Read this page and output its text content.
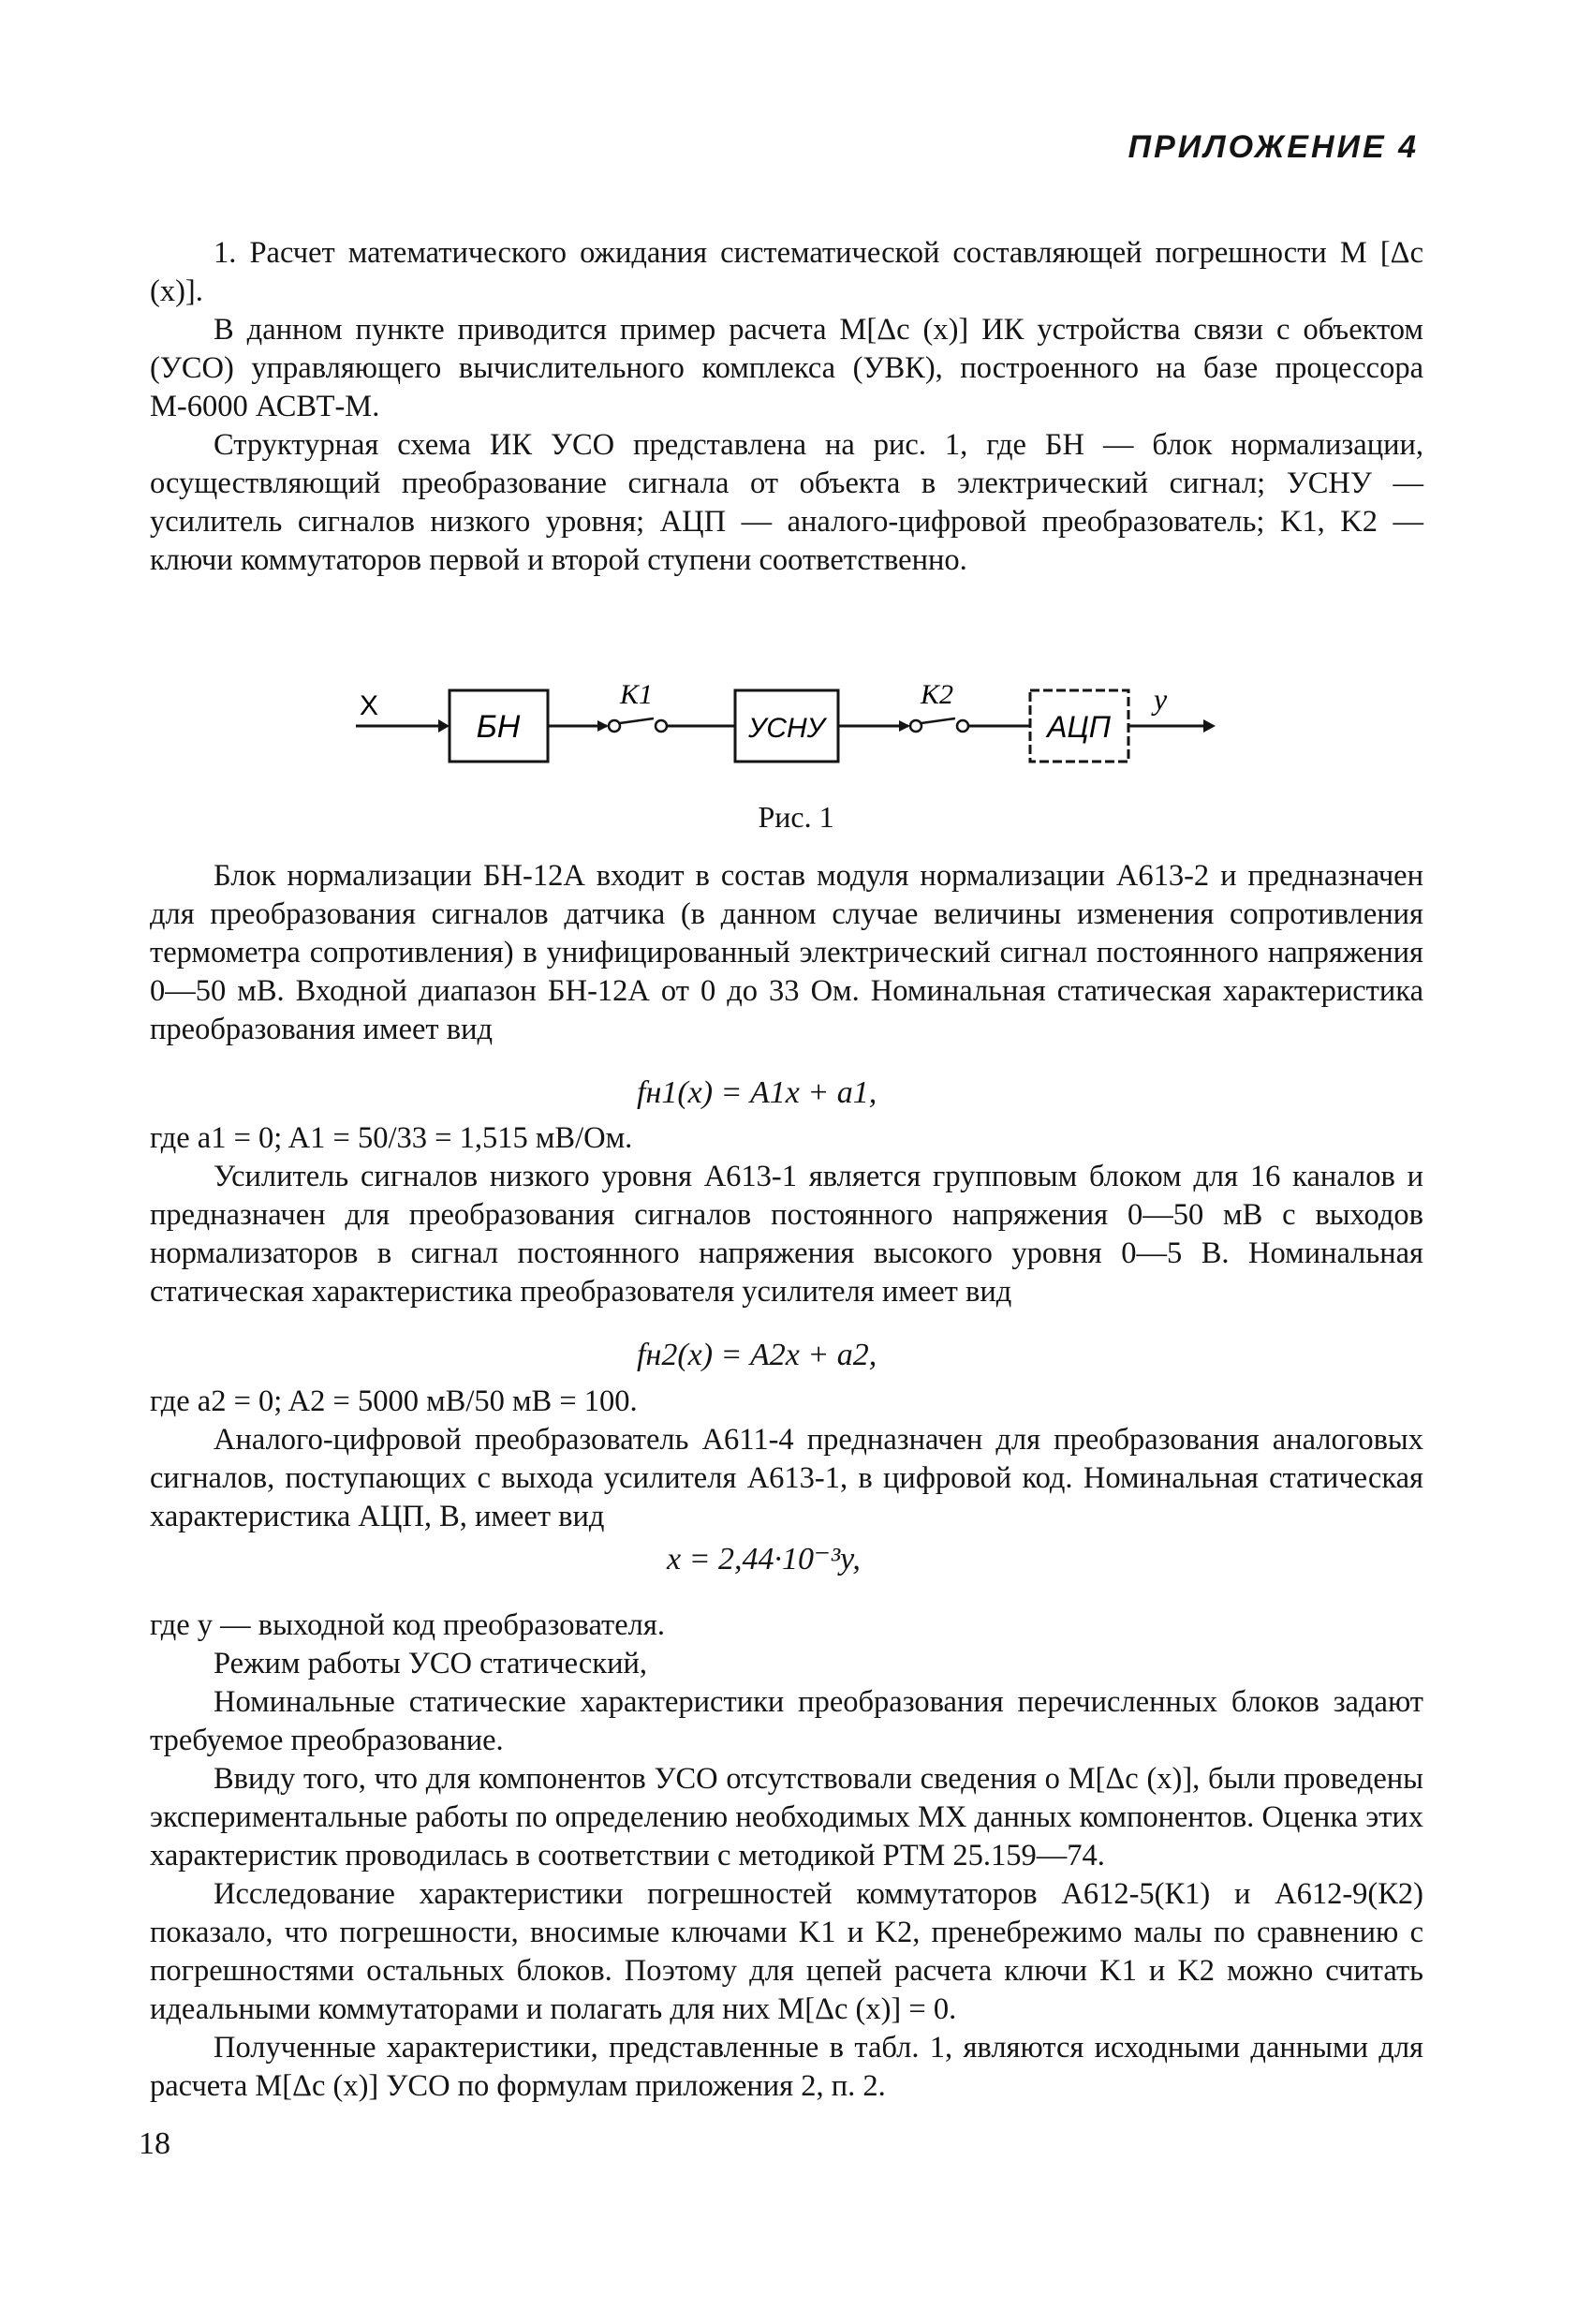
ПРИЛОЖЕНИЕ 4

1. Расчет математического ожидания систематической составляющей погрешности M [Δc (x)].

В данном пункте приводится пример расчета M[Δc (x)] ИК устройства связи с объектом (УСО) управляющего вычислительного комплекса (УВК), построенного на базе процессора М-6000 АСВТ-М.

Структурная схема ИК УСО представлена на рис. 1, где БН — блок нормализации, осуществляющий преобразование сигнала от объекта в электрический сигнал; УСНУ — усилитель сигналов низкого уровня; АЦП — аналого-цифровой преобразователь; K1, K2 — ключи коммутаторов первой и второй ступени соответственно.

X
БН
K1
УСНУ
K2
АЦП
y
Рис. 1

Блок нормализации БН-12А входит в состав модуля нормализации А613-2 и предназначен для преобразования сигналов датчика (в данном случае величины изменения сопротивления термометра сопротивления) в унифицированный электрический сигнал постоянного напряжения 0—50 мВ. Входной диапазон БН-12А от 0 до 33 Ом. Номинальная статическая характеристика преобразования имеет вид

fн1(x) = A1x + a1,

где a1 = 0; A1 = 50/33 = 1,515 мВ/Ом.

Усилитель сигналов низкого уровня А613-1 является групповым блоком для 16 каналов и предназначен для преобразования сигналов постоянного напряжения 0—50 мВ с выходов нормализаторов в сигнал постоянного напряжения высокого уровня 0—5 В. Номинальная статическая характеристика преобразователя усилителя имеет вид

fн2(x) = A2x + a2,

где a2 = 0; A2 = 5000 мВ/50 мВ = 100.

Аналого-цифровой преобразователь А611-4 предназначен для преобразования аналоговых сигналов, поступающих с выхода усилителя А613-1, в цифровой код. Номинальная статическая характеристика АЦП, В, имеет вид

x = 2,44·10⁻³y,

где y — выходной код преобразователя.

Режим работы УСО статический,

Номинальные статические характеристики преобразования перечисленных блоков задают требуемое преобразование.

Ввиду того, что для компонентов УСО отсутствовали сведения о M[Δc (x)], были проведены экспериментальные работы по определению необходимых МХ данных компонентов. Оценка этих характеристик проводилась в соответствии с методикой РТМ 25.159—74.

Исследование характеристики погрешностей коммутаторов А612-5(К1) и А612-9(К2) показало, что погрешности, вносимые ключами K1 и K2, пренебрежимо малы по сравнению с погрешностями остальных блоков. Поэтому для цепей расчета ключи K1 и K2 можно считать идеальными коммутаторами и полагать для них M[Δc (x)] = 0.

Полученные характеристики, представленные в табл. 1, являются исходными данными для расчета M[Δc (x)] УСО по формулам приложения 2, п. 2.

18
